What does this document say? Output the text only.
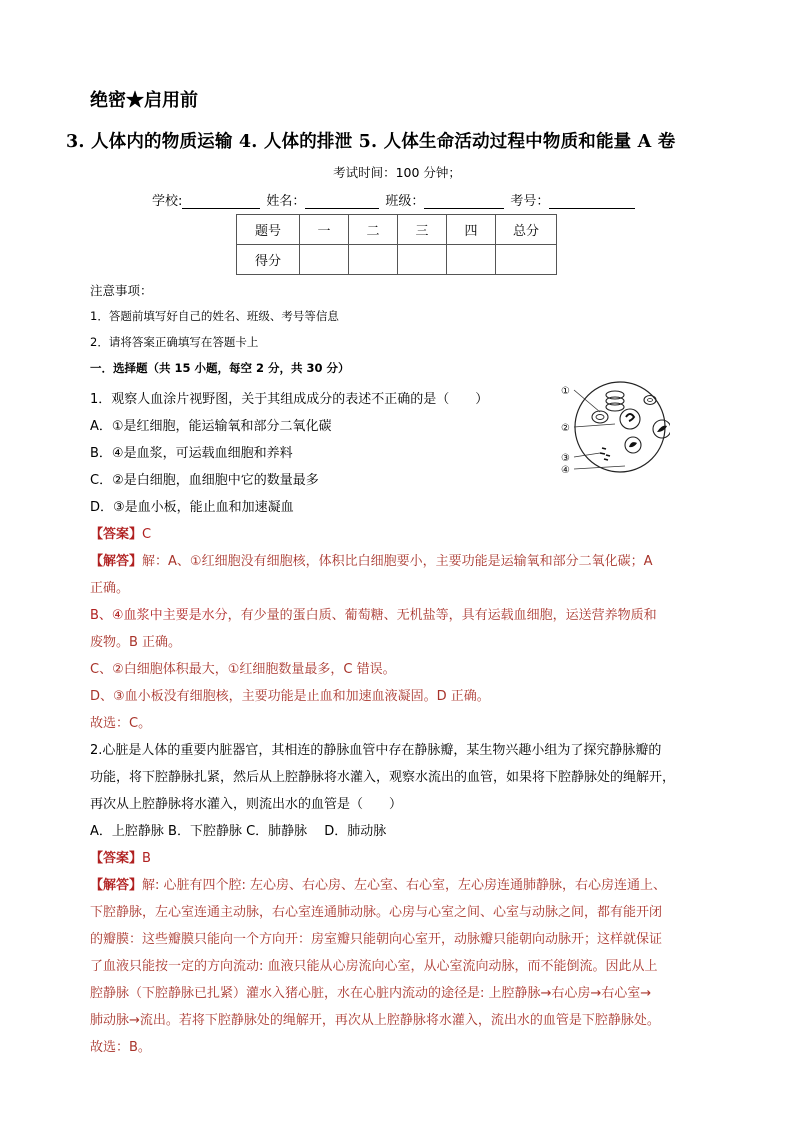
绝密★启用前
3. 人体内的物质运输 4. 人体的排泄 5. 人体生命活动过程中物质和能量 A 卷
考试时间：100 分钟；
学校:	姓名：	班级：	考号：
题号	一	二	三	四	总分
得分					
注意事项：
1．答题前填写好自己的姓名、班级、考号等信息
2．请将答案正确填写在答题卡上
一．选择题（共 15 小题，每空 2 分，共 30 分）
1．观察人血涂片视野图，关于其组成成分的表述不正确的是（　　）
A．①是红细胞，能运输氧和部分二氧化碳
B．④是血浆，可运载血细胞和养料
C．②是白细胞，血细胞中它的数量最多
D．③是血小板，能止血和加速凝血
①
②
③
④
【答案】C
【解答】解：A、①红细胞没有细胞核，体积比白细胞要小，主要功能是运输氧和部分二氧化碳；A
正确。
B、④血浆中主要是水分，有少量的蛋白质、葡萄糖、无机盐等，具有运载血细胞，运送营养物质和
废物。B 正确。
C、②白细胞体积最大，①红细胞数量最多，C 错误。
D、③血小板没有细胞核，主要功能是止血和加速血液凝固。D 正确。
故选：C。
2.心脏是人体的重要内脏器官，其相连的静脉血管中存在静脉瓣，某生物兴趣小组为了探究静脉瓣的
功能，将下腔静脉扎紧，然后从上腔静脉将水灌入，观察水流出的血管，如果将下腔静脉处的绳解开，
再次从上腔静脉将水灌入，则流出水的血管是（　　）
A．上腔静脉 B．下腔静脉 C．肺静脉　 D．肺动脉
【答案】B
【解答】解: 心脏有四个腔: 左心房、右心房、左心室、右心室，左心房连通肺静脉，右心房连通上、
下腔静脉，左心室连通主动脉，右心室连通肺动脉。心房与心室之间、心室与动脉之间，都有能开闭
的瓣膜：这些瓣膜只能向一个方向开：房室瓣只能朝向心室开，动脉瓣只能朝向动脉开；这样就保证
了血液只能按一定的方向流动: 血液只能从心房流向心室，从心室流向动脉，而不能倒流。因此从上
腔静脉（下腔静脉已扎紧）灌水入猪心脏，水在心脏内流动的途径是: 上腔静脉→右心房→右心室→
肺动脉→流出。若将下腔静脉处的绳解开，再次从上腔静脉将水灌入，流出水的血管是下腔静脉处。
故选：B。
